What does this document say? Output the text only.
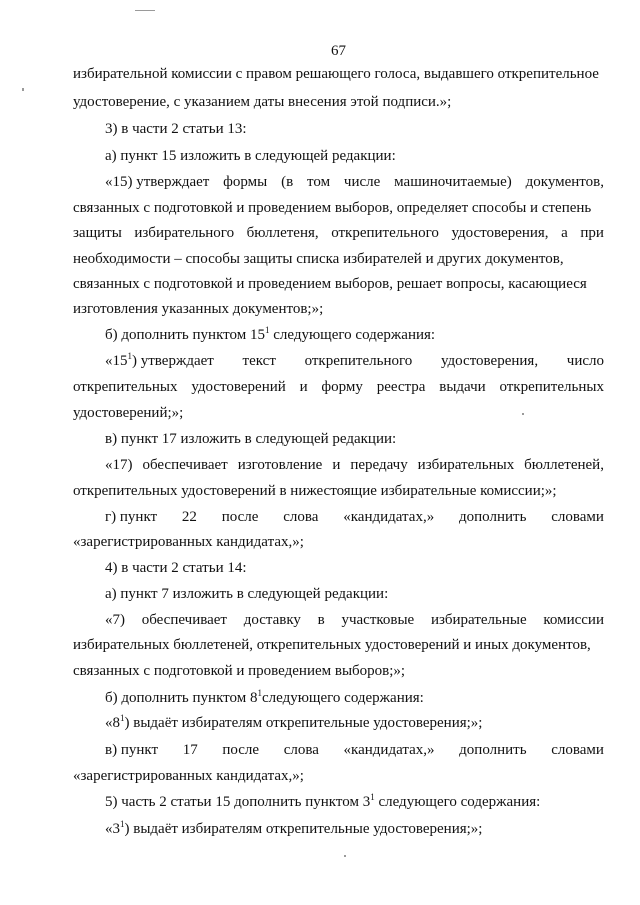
67
избирательной комиссии с правом решающего голоса, выдавшего открепительное
удостоверение, с указанием даты внесения этой подписи.»;
3) в части 2 статьи 13:
а) пункт 15 изложить в следующей редакции:
«15) утверждает формы (в том числе машиночитаемые) документов,
связанных с подготовкой и проведением выборов, определяет способы и степень
защиты избирательного бюллетеня, открепительного удостоверения, а при
необходимости – способы защиты списка избирателей и других документов,
связанных с подготовкой и проведением выборов, решает вопросы, касающиеся
изготовления указанных документов;»;
б) дополнить пунктом $15^1$ следующего содержания:
«$15^1$) утверждает текст открепительного удостоверения, число
открепительных удостоверений и форму реестра выдачи открепительных
удостоверений;»;
в) пункт 17 изложить в следующей редакции:
«17) обеспечивает изготовление и передачу избирательных бюллетеней,
открепительных удостоверений в нижестоящие избирательные комиссии;»;
г) пункт 22 после слова «кандидатах,» дополнить словами
«зарегистрированных кандидатах,»;
4) в части 2 статьи 14:
а) пункт 7 изложить в следующей редакции:
«7) обеспечивает доставку в участковые избирательные комиссии
избирательных бюллетеней, открепительных удостоверений и иных документов,
связанных с подготовкой и проведением выборов;»;
б) дополнить пунктом $8^1следующего$ содержания:
«$8^1$) выдаёт избирателям открепительные удостоверения;»;
в) пункт 17 после слова «кандидатах,» дополнить словами
«зарегистрированных кандидатах,»;
5) часть 2 статьи 15 дополнить пунктом $3^1$ следующего содержания:
«$3^1$) выдаёт избирателям открепительные удостоверения;»;
